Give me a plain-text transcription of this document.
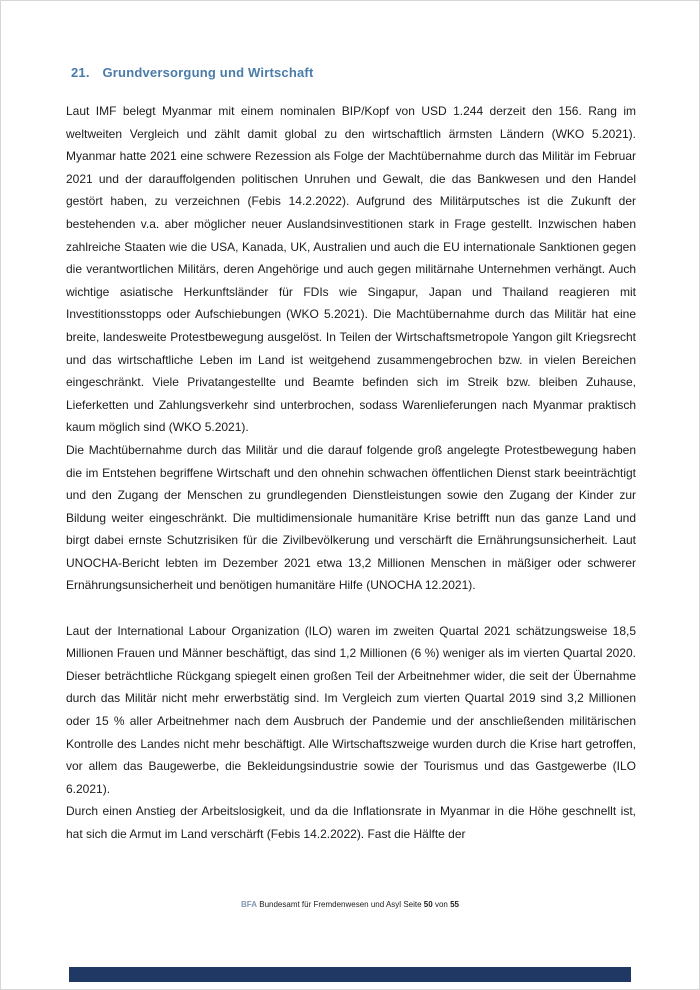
21. Grundversorgung und Wirtschaft

Laut IMF belegt Myanmar mit einem nominalen BIP/Kopf von USD 1.244 derzeit den 156. Rang im weltweiten Vergleich und zählt damit global zu den wirtschaftlich ärmsten Ländern (WKO 5.2021). Myanmar hatte 2021 eine schwere Rezession als Folge der Machtübernahme durch das Militär im Februar 2021 und der darauffolgenden politischen Unruhen und Gewalt, die das Bankwesen und den Handel gestört haben, zu verzeichnen (Febis 14.2.2022). Aufgrund des Militärputsches ist die Zukunft der bestehenden v.a. aber möglicher neuer Auslandsinvestitionen stark in Frage gestellt. Inzwischen haben zahlreiche Staaten wie die USA, Kanada, UK, Australien und auch die EU internationale Sanktionen gegen die verantwortlichen Militärs, deren Angehörige und auch gegen militärnahe Unternehmen verhängt. Auch wichtige asiatische Herkunftsländer für FDIs wie Singapur, Japan und Thailand reagieren mit Investitionsstopps oder Aufschiebungen (WKO 5.2021). Die Machtübernahme durch das Militär hat eine breite, landesweite Protestbewegung ausgelöst. In Teilen der Wirtschaftsmetropole Yangon gilt Kriegsrecht und das wirtschaftliche Leben im Land ist weitgehend zusammengebrochen bzw. in vielen Bereichen eingeschränkt. Viele Privatangestellte und Beamte befinden sich im Streik bzw. bleiben Zuhause, Lieferketten und Zahlungsverkehr sind unterbrochen, sodass Warenlieferungen nach Myanmar praktisch kaum möglich sind (WKO 5.2021).

Die Machtübernahme durch das Militär und die darauf folgende groß angelegte Protestbewegung haben die im Entstehen begriffene Wirtschaft und den ohnehin schwachen öffentlichen Dienst stark beeinträchtigt und den Zugang der Menschen zu grundlegenden Dienstleistungen sowie den Zugang der Kinder zur Bildung weiter eingeschränkt. Die multidimensionale humanitäre Krise betrifft nun das ganze Land und birgt dabei ernste Schutzrisiken für die Zivilbevölkerung und verschärft die Ernährungsunsicherheit. Laut UNOCHA-Bericht lebten im Dezember 2021 etwa 13,2 Millionen Menschen in mäßiger oder schwerer Ernährungsunsicherheit und benötigen humanitäre Hilfe (UNOCHA 12.2021).

Laut der International Labour Organization (ILO) waren im zweiten Quartal 2021 schätzungsweise 18,5 Millionen Frauen und Männer beschäftigt, das sind 1,2 Millionen (6 %) weniger als im vierten Quartal 2020. Dieser beträchtliche Rückgang spiegelt einen großen Teil der Arbeitnehmer wider, die seit der Übernahme durch das Militär nicht mehr erwerbstätig sind. Im Vergleich zum vierten Quartal 2019 sind 3,2 Millionen oder 15 % aller Arbeitnehmer nach dem Ausbruch der Pandemie und der anschließenden militärischen Kontrolle des Landes nicht mehr beschäftigt. Alle Wirtschaftszweige wurden durch die Krise hart getroffen, vor allem das Baugewerbe, die Bekleidungsindustrie sowie der Tourismus und das Gastgewerbe (ILO 6.2021).

Durch einen Anstieg der Arbeitslosigkeit, und da die Inflationsrate in Myanmar in die Höhe geschnellt ist, hat sich die Armut im Land verschärft (Febis 14.2.2022). Fast die Hälfte der

BFA Bundesamt für Fremdenwesen und Asyl Seite 50 von 55
